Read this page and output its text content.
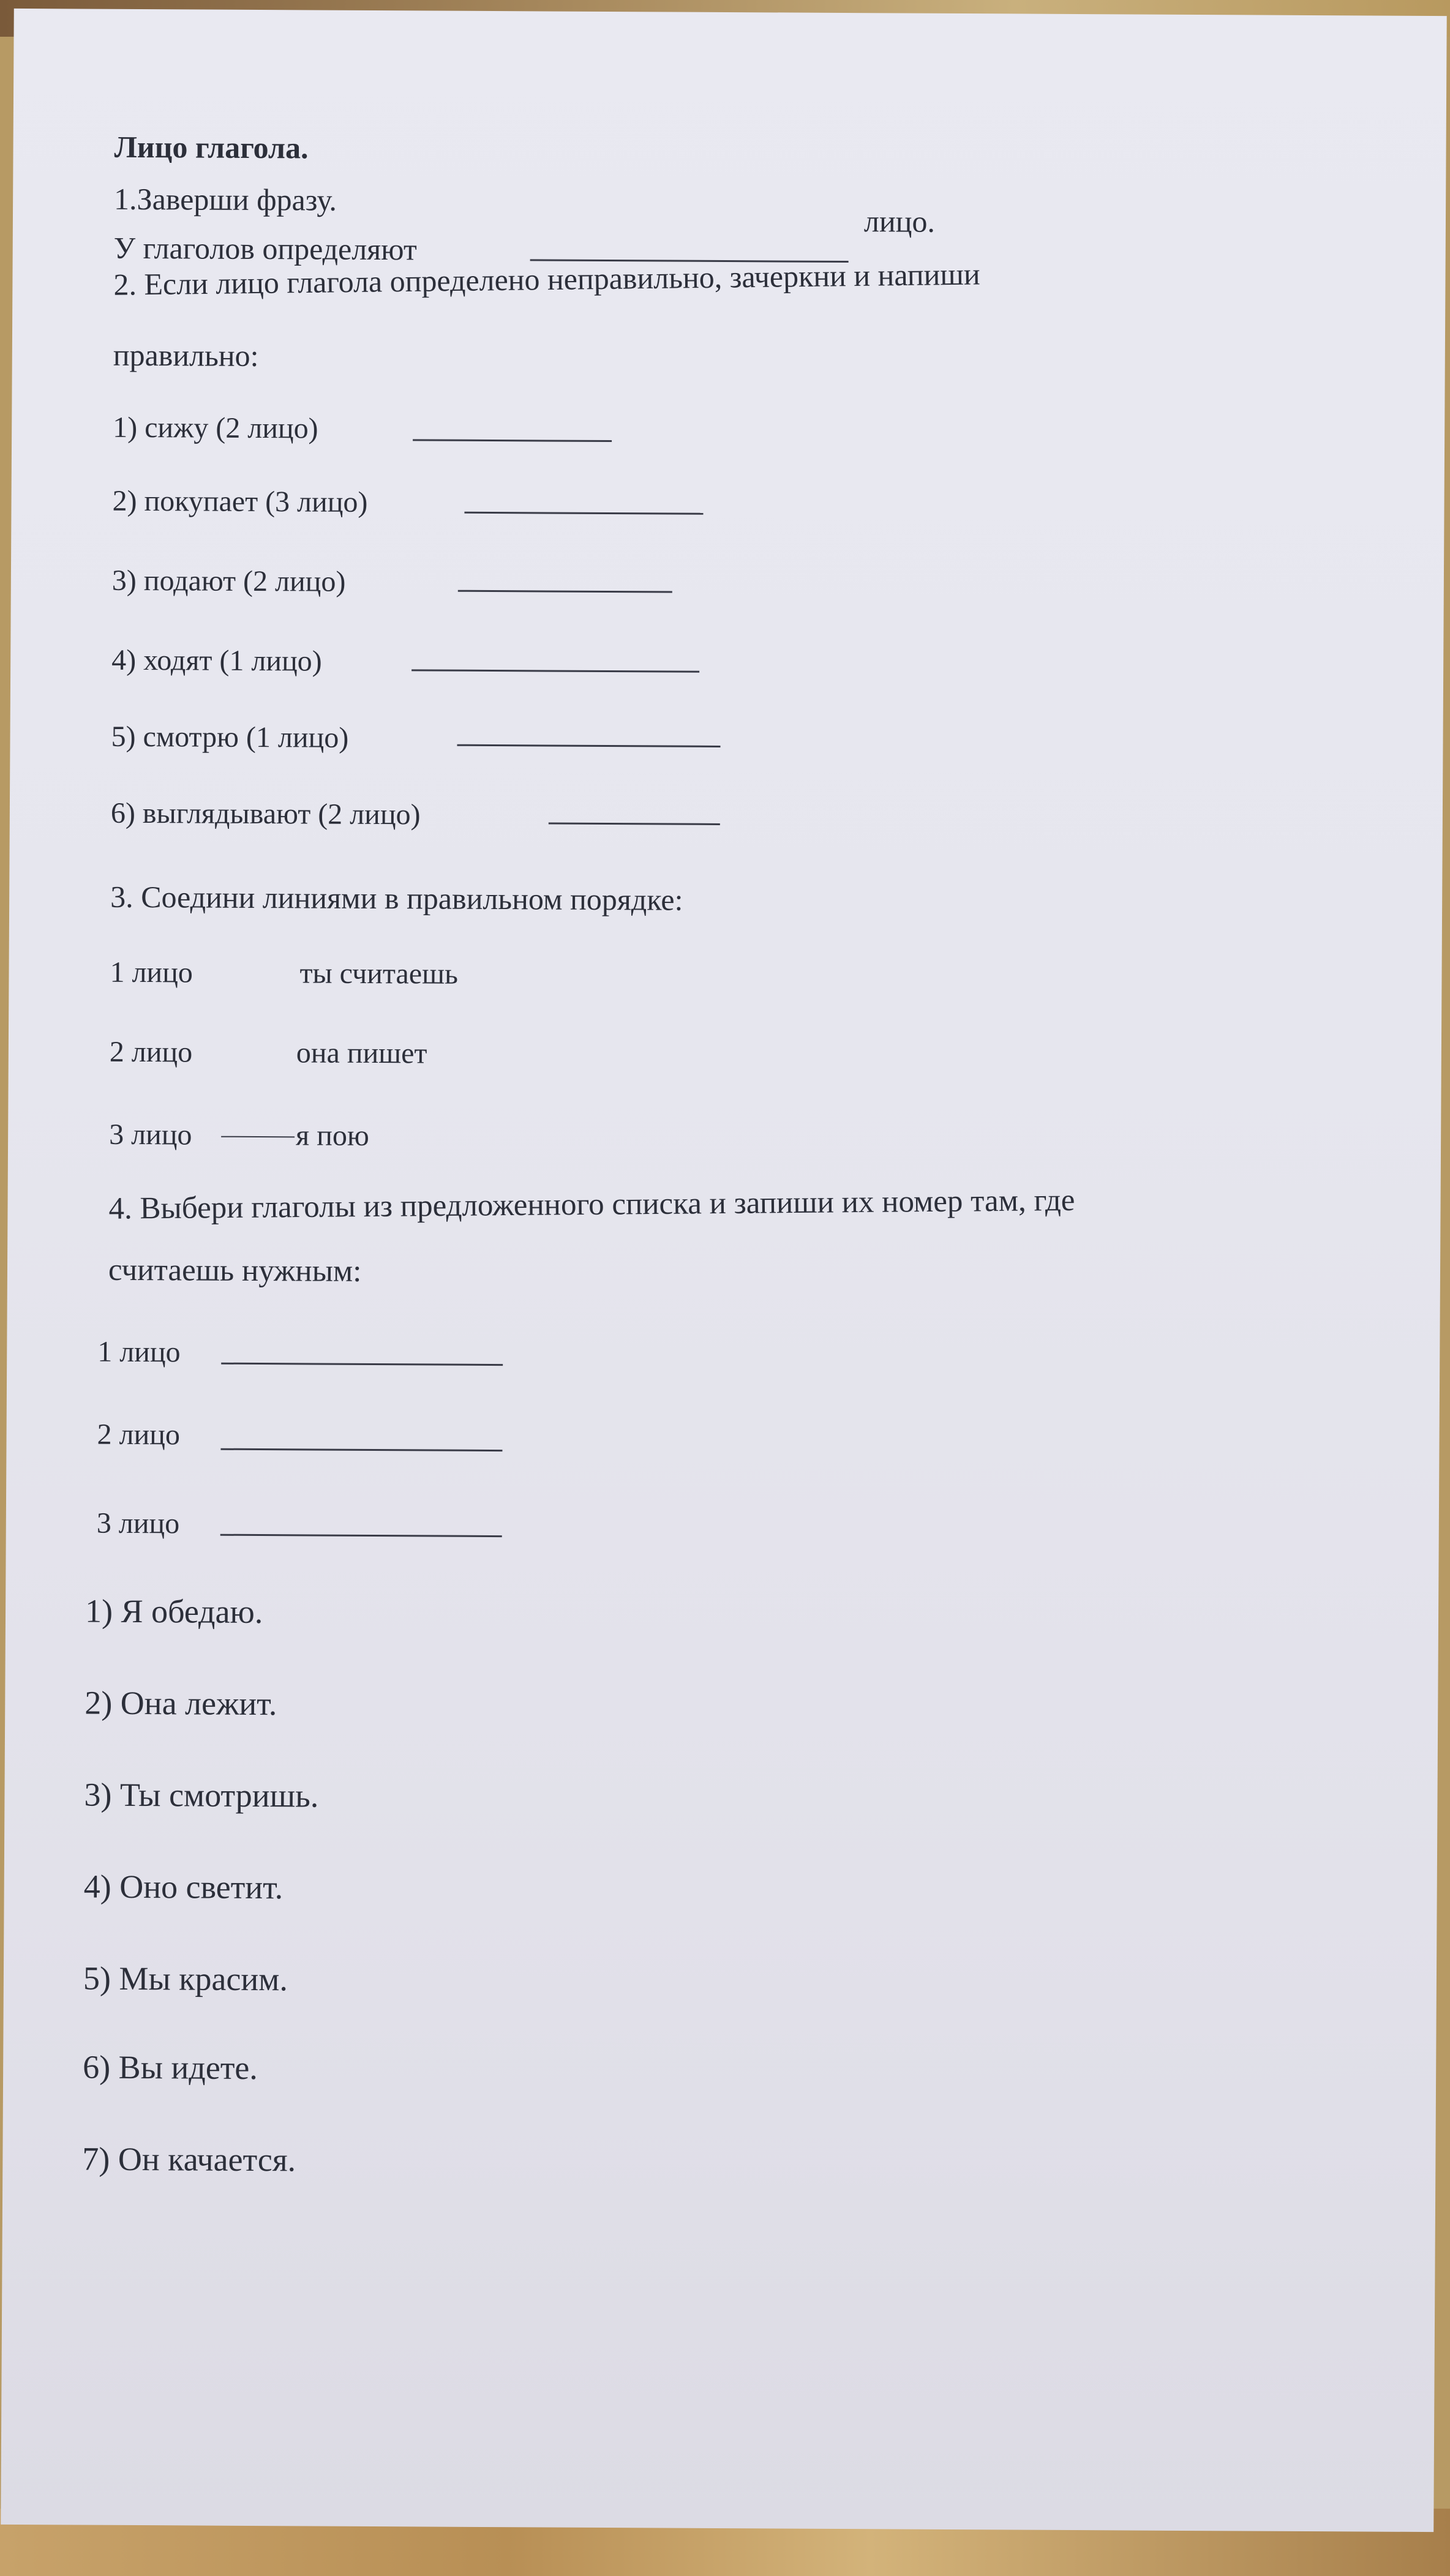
Лицо глагола.
1.Заверши фразу.
У глаголов определяют
лицо.
2. Если лицо глагола определено неправильно, зачеркни и напиши
правильно:
1) сижу (2 лицо)
2) покупает (3 лицо)
3) подают (2 лицо)
4) ходят (1 лицо)
5) смотрю (1 лицо)
6) выглядывают (2 лицо)
3. Соедини линиями в правильном порядке:
1 лицо	ты считаешь
2 лицо	она пишет
3 лицо	я пою
4. Выбери глаголы из предложенного списка и запиши их номер там, где
считаешь нужным:
1 лицо
2 лицо
3 лицо
1) Я обедаю.
2) Она лежит.
3) Ты смотришь.
4) Оно светит.
5) Мы красим.
6) Вы идете.
7) Он качается.
